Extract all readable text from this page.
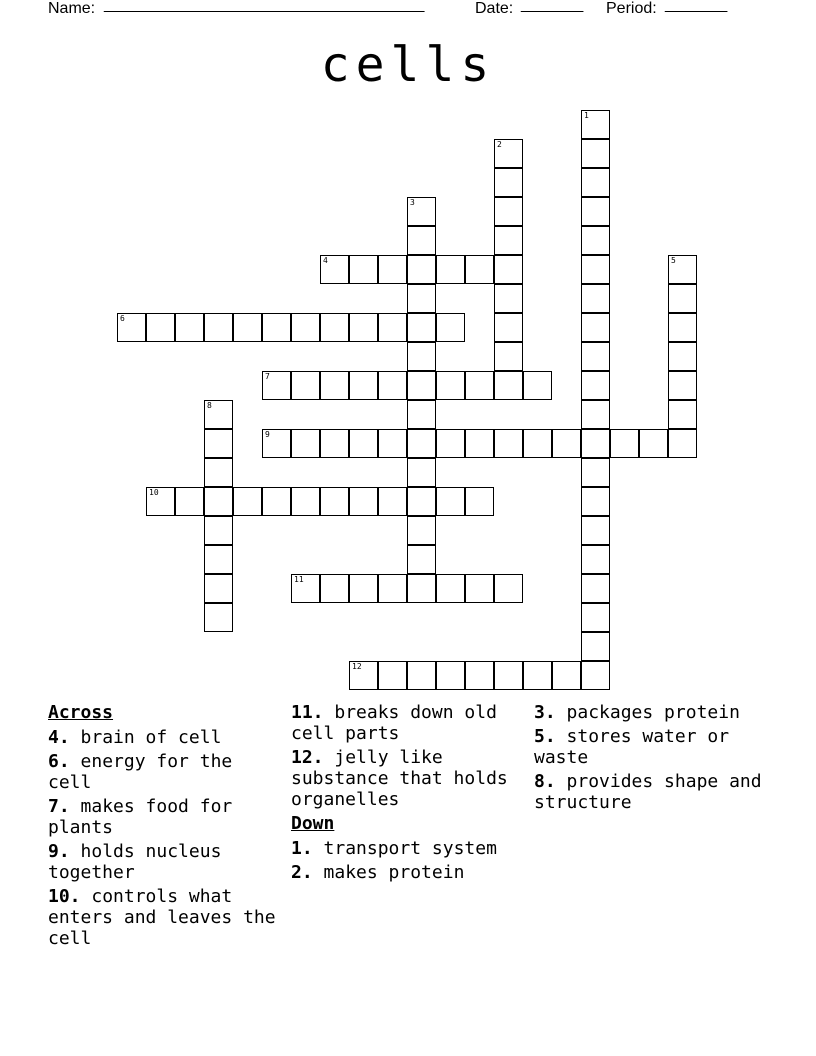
Name: ____________________________________	Date: _______ Period: _______
cells
1
2
3
4	5
6
7
8
9
10
11
12
Across
4. brain of cell
6. energy for the cell
7. makes food for plants
9. holds nucleus together
10. controls what enters and leaves the cell
11. breaks down old cell parts
12. jelly like substance that holds organelles
Down
1. transport system
2. makes protein
3. packages protein
5. stores water or waste
8. provides shape and structure
